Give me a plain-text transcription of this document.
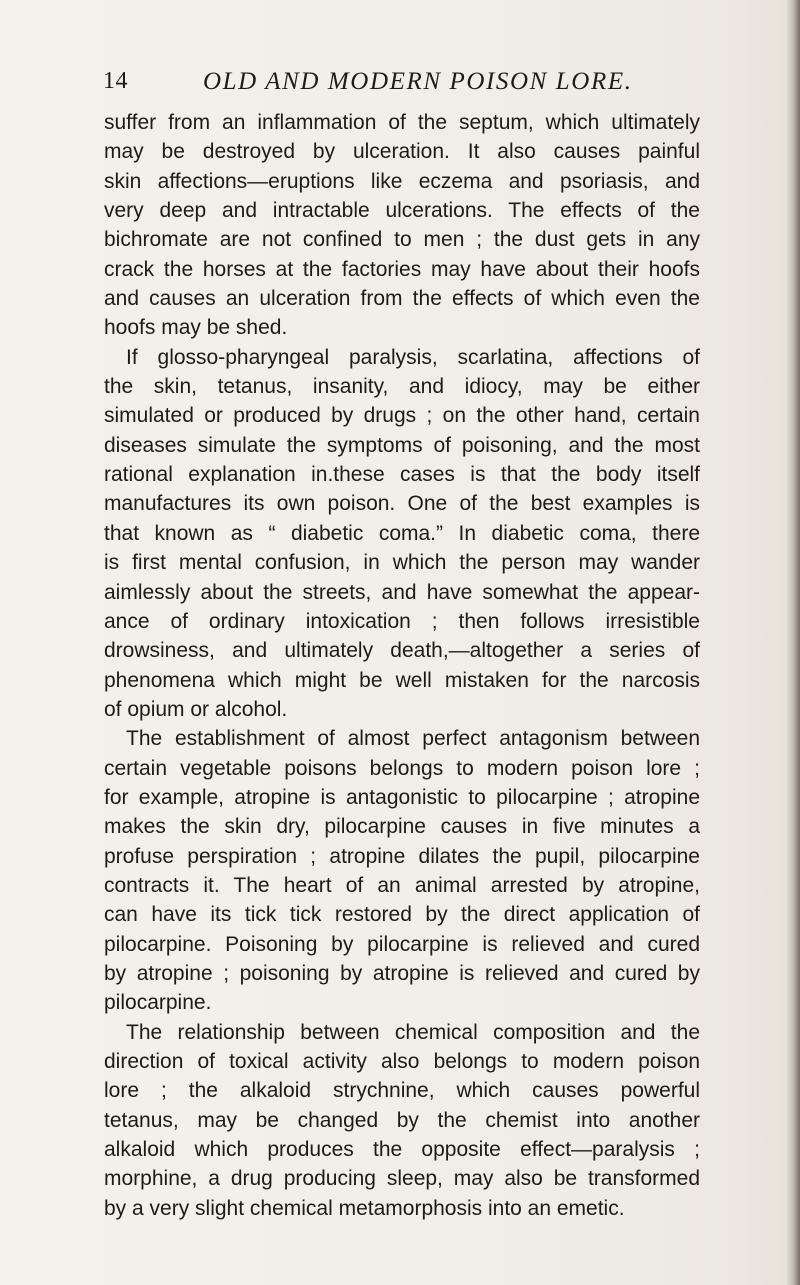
14	OLD AND MODERN POISON LORE.
suffer from an inflammation of the septum, which ultimately
may be destroyed by ulceration. It also causes painful
skin affections—eruptions like eczema and psoriasis, and
very deep and intractable ulcerations. The effects of the
bichromate are not confined to men ; the dust gets in any
crack the horses at the factories may have about their hoofs
and causes an ulceration from the effects of which even the
hoofs may be shed.
If glosso-pharyngeal paralysis, scarlatina, affections of
the skin, tetanus, insanity, and idiocy, may be either
simulated or produced by drugs ; on the other hand, certain
diseases simulate the symptoms of poisoning, and the most
rational explanation in.these cases is that the body itself
manufactures its own poison. One of the best examples is
that known as “ diabetic coma.” In diabetic coma, there
is first mental confusion, in which the person may wander
aimlessly about the streets, and have somewhat the appear-
ance of ordinary intoxication ; then follows irresistible
drowsiness, and ultimately death,—altogether a series of
phenomena which might be well mistaken for the narcosis
of opium or alcohol.
The establishment of almost perfect antagonism between
certain vegetable poisons belongs to modern poison lore ;
for example, atropine is antagonistic to pilocarpine ; atropine
makes the skin dry, pilocarpine causes in five minutes a
profuse perspiration ; atropine dilates the pupil, pilocarpine
contracts it. The heart of an animal arrested by atropine,
can have its tick tick restored by the direct application of
pilocarpine. Poisoning by pilocarpine is relieved and cured
by atropine ; poisoning by atropine is relieved and cured by
pilocarpine.
The relationship between chemical composition and the
direction of toxical activity also belongs to modern poison
lore ; the alkaloid strychnine, which causes powerful
tetanus, may be changed by the chemist into another
alkaloid which produces the opposite effect—paralysis ;
morphine, a drug producing sleep, may also be transformed
by a very slight chemical metamorphosis into an emetic.
